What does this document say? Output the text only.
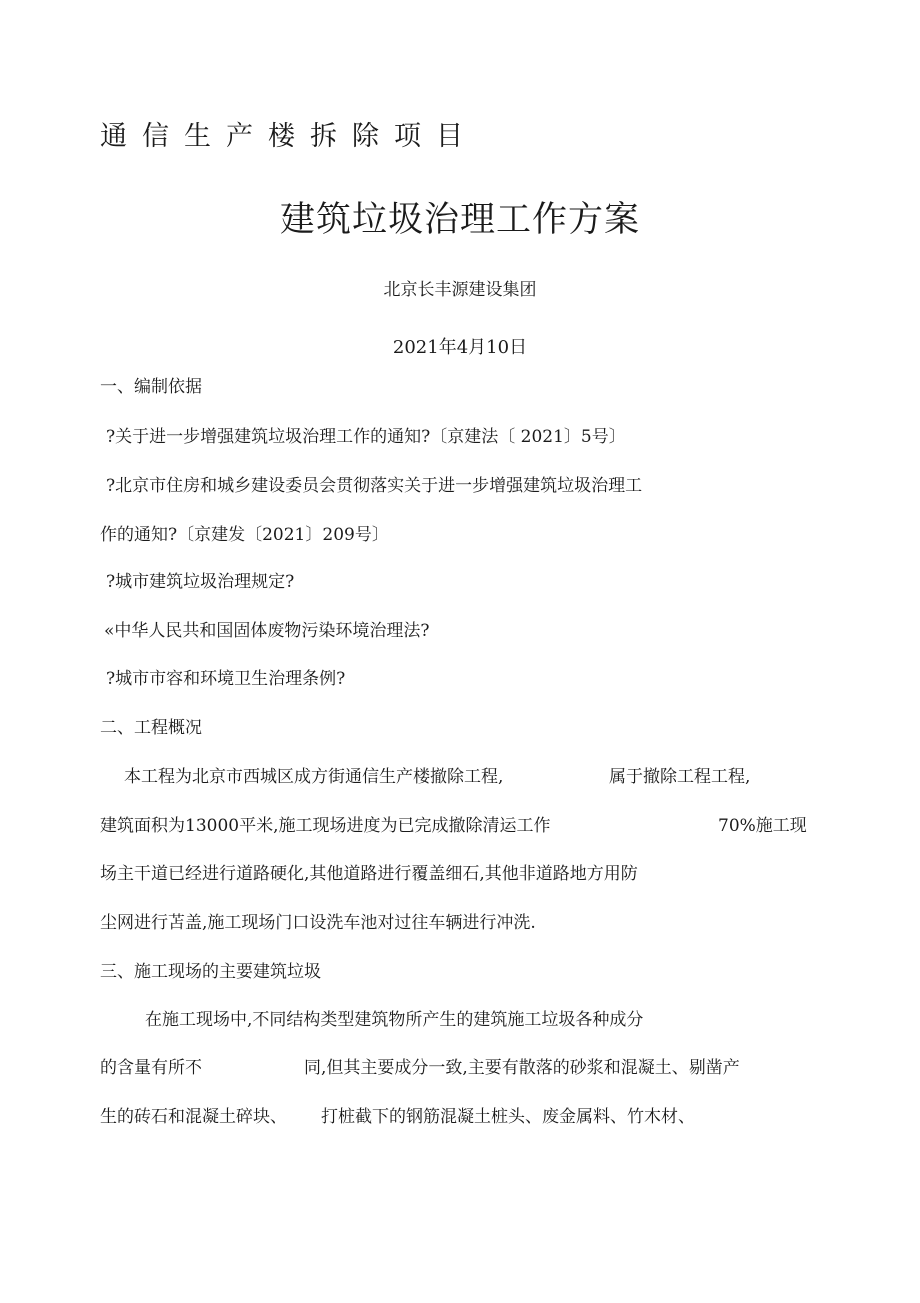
通信生产楼拆除项目
建筑垃圾治理工作方案
北京长丰源建设集团
2021年4月10日
一、编制依据
?关于进一步增强建筑垃圾治理工作的通知?〔京建法〔 2021〕5号〕
?北京市住房和城乡建设委员会贯彻落实关于进一步增强建筑垃圾治理工
作的通知?〔京建发〔2021〕209号〕
?城市建筑垃圾治理规定?
«中华人民共和国固体废物污染环境治理法?
?城市市容和环境卫生治理条例?
二、工程概况
本工程为北京市西城区成方街通信生产楼撤除工程,	属于撤除工程工程,
建筑面积为13000平米,施工现场进度为已完成撤除清运工作	70%施工现
场主干道已经进行道路硬化,其他道路进行覆盖细石,其他非道路地方用防
尘网进行苫盖,施工现场门口设洗车池对过往车辆进行冲洗.
三、施工现场的主要建筑垃圾
在施工现场中,不同结构类型建筑物所产生的建筑施工垃圾各种成分
的含量有所不	同,但其主要成分一致,主要有散落的砂浆和混凝土、剔凿产
生的砖石和混凝土碎块、 打桩截下的钢筋混凝土桩头、废金属料、竹木材、
